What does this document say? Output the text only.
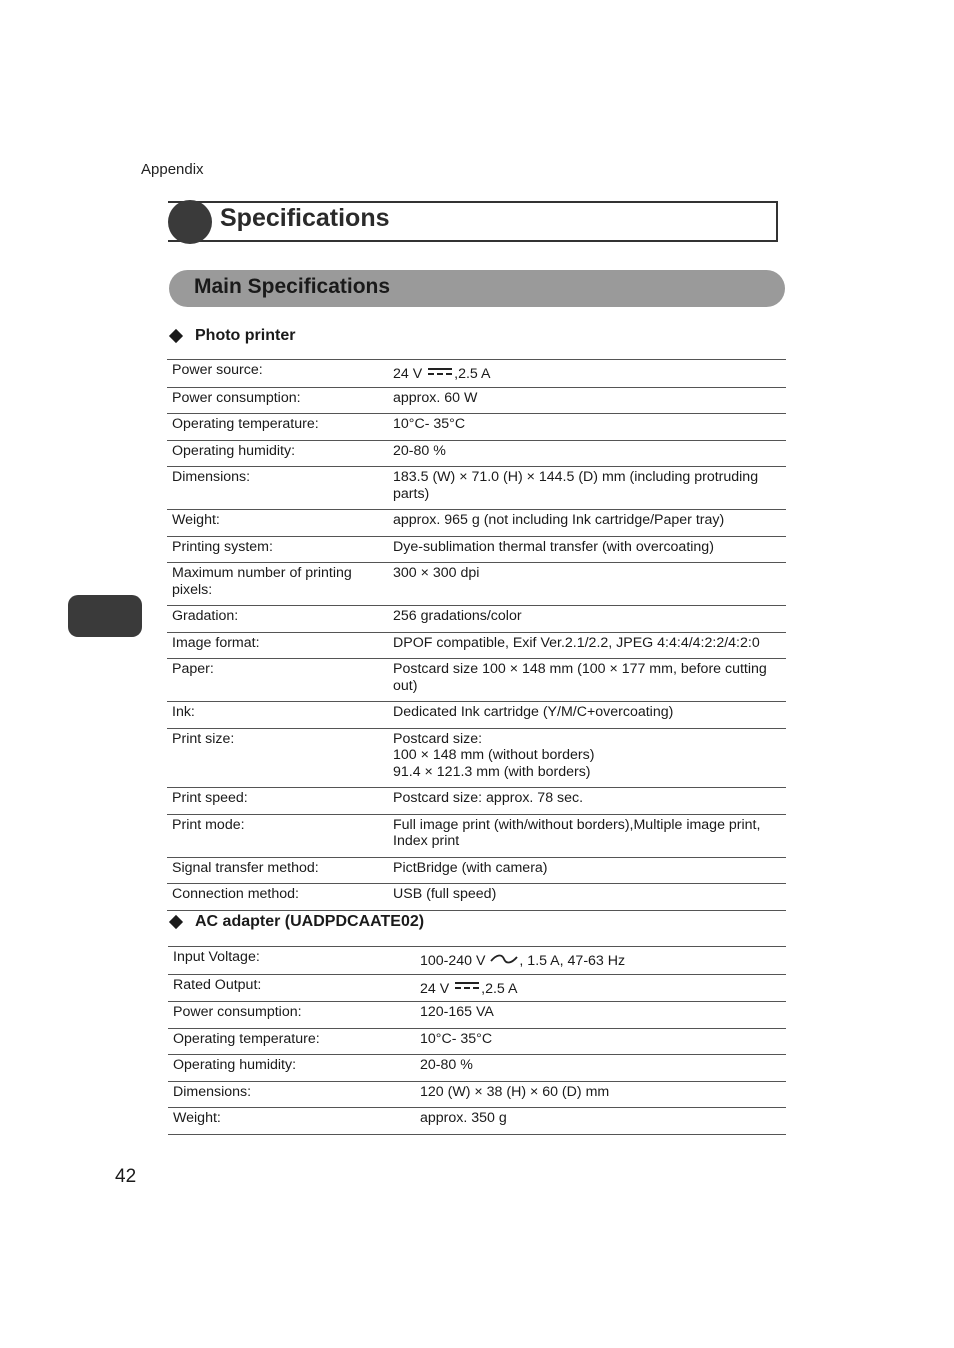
Appendix
Specifications
Main Specifications
Photo printer
Power source:	24 V ,2.5 A
Power consumption:	approx. 60 W

Operating temperature:	10°C- 35°C

Operating humidity:	20-80 %

Dimensions:	183.5 (W) × 71.0 (H) × 144.5 (D) mm (including protruding parts)

Weight:	approx. 965 g (not including Ink cartridge/Paper tray)

Printing system:	Dye-sublimation thermal transfer (with overcoating)

Maximum number of printing pixels:	300 × 300 dpi

Gradation:	256 gradations/color

Image format:	DPOF compatible, Exif Ver.2.1/2.2, JPEG 4:4:4/4:2:2/4:2:0

Paper:	Postcard size 100 × 148 mm (100 × 177 mm, before cutting out)

Ink:	Dedicated Ink cartridge (Y/M/C+overcoating)

Print size:	Postcard size:
100 × 148 mm (without borders)
91.4 × 121.3 mm (with borders)

Print speed:	Postcard size: approx. 78 sec.

Print mode:	Full image print (with/without borders),Multiple image print, Index print

Signal transfer method:	PictBridge (with camera)

Connection method:	USB (full speed)
AC adapter (UADPDCAATE02)
Input Voltage:	100-240 V , 1.5 A, 47-63 Hz
Rated Output:	24 V ,2.5 A
Power consumption:	120-165 VA

Operating temperature:	10°C- 35°C

Operating humidity:	20-80 %

Dimensions:	120 (W) × 38 (H) × 60 (D) mm

Weight:	approx. 350 g
42
